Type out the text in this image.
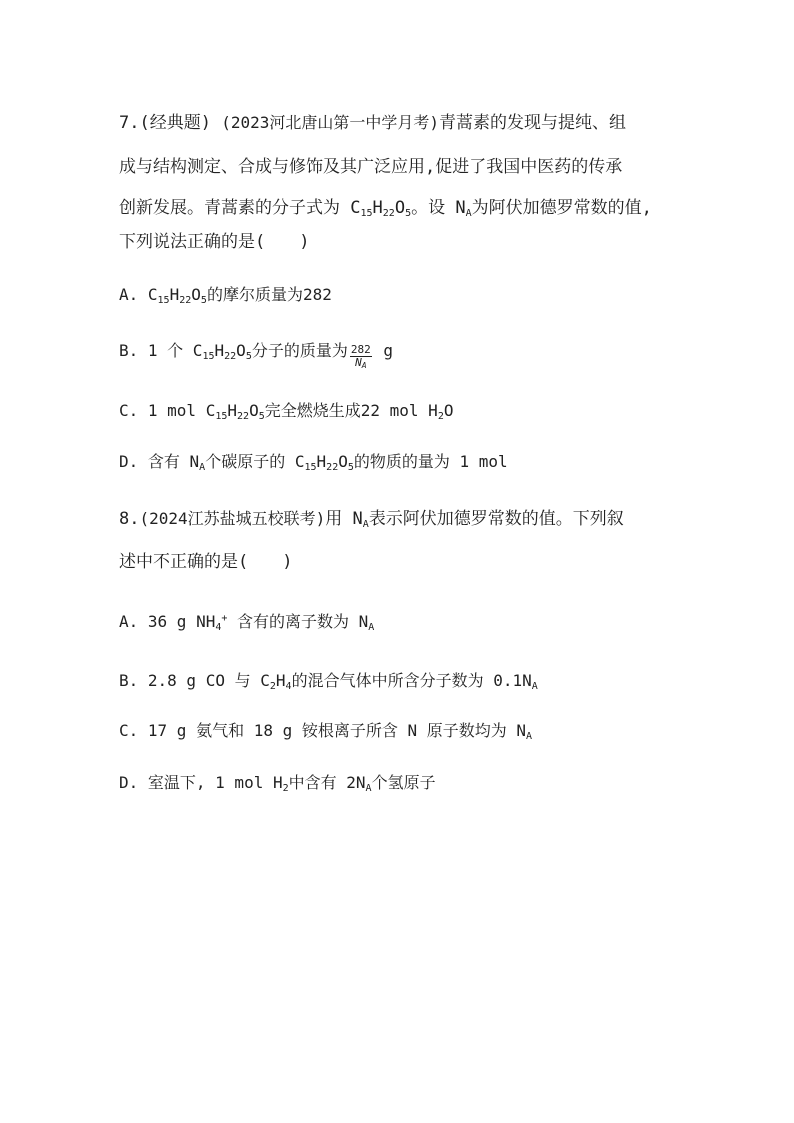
7.(经典题) (2023河北唐山第一中学月考)青蒿素的发现与提纯、组
成与结构测定、合成与修饰及其广泛应用,促进了我国中医药的传承
创新发展。青蒿素的分子式为 $C_{15}H_{22}O_5$。设 $N_A$为阿伏加德罗常数的值,
下列说法正确的是( )
A. $C_{15}H_{22}O_5$的摩尔质量为282
B. 1 个 $C_{15}H_{22}O_5$分子的质量为 $\frac{282}{N_A}$ g
C. 1 mol $C_{15}H_{22}O_5$完全燃烧生成22 mol $H_2O$
D. 含有 $N_A$个碳原子的 $C_{15}H_{22}O_5$的物质的量为 1 mol
8.(2024江苏盐城五校联考)用 $N_A$表示阿伏加德罗常数的值。下列叙
述中不正确的是( )
A. 36 g $NH_4^+$ 含有的离子数为 $N_A$
B. 2.8 g CO 与 $C_2H_4$的混合气体中所含分子数为 $0.1N_A$
C. 17 g 氨气和 18 g 铵根离子所含 N 原子数均为 $N_A$
D. 室温下, 1 mol $H_2$中含有 $2N_A$个氢原子
